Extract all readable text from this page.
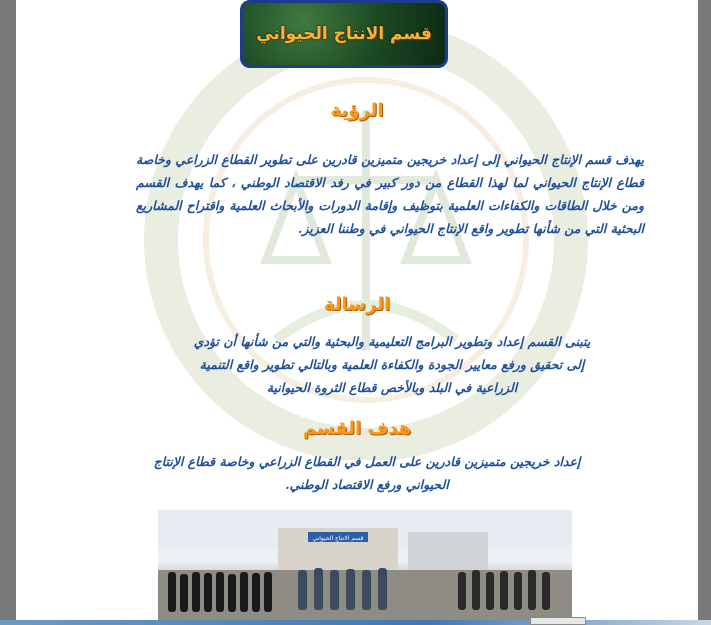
قسم الانتاج الحيواني
الرؤية
يهدف قسم الإنتاج الحيواني إلى إعداد خريجين متميزين قادرين على تطوير القطاع الزراعي وخاصة قطاع الإنتاج الحيواني لما لهذا القطاع من دور كبير في رفد الاقتصاد الوطني ، كما يهدف القسم ومن خلال الطاقات والكفاءات العلمية بتوظيف وإقامة الدورات والأبحاث العلمية واقتراح المشاريع البحثية التي من شأنها تطوير واقع الإنتاج الحيواني في وطننا العزيز.
الرسالة
يتبنى القسم إعداد وتطوير البرامج التعليمية والبحثية والتي من شأنها أن تؤدي إلى تحقيق ورفع معايير الجودة والكفاءة العلمية وبالتالي تطوير واقع التنمية الزراعية في البلد وبالأخص قطاع الثروة الحيوانية
هدف القسم
إعداد خريجين متميزين قادرين على العمل في القطاع الزراعي وخاصة قطاع الإنتاج الحيواني ورفع الاقتصاد الوطني.
قسم الانتاج الحيواني
